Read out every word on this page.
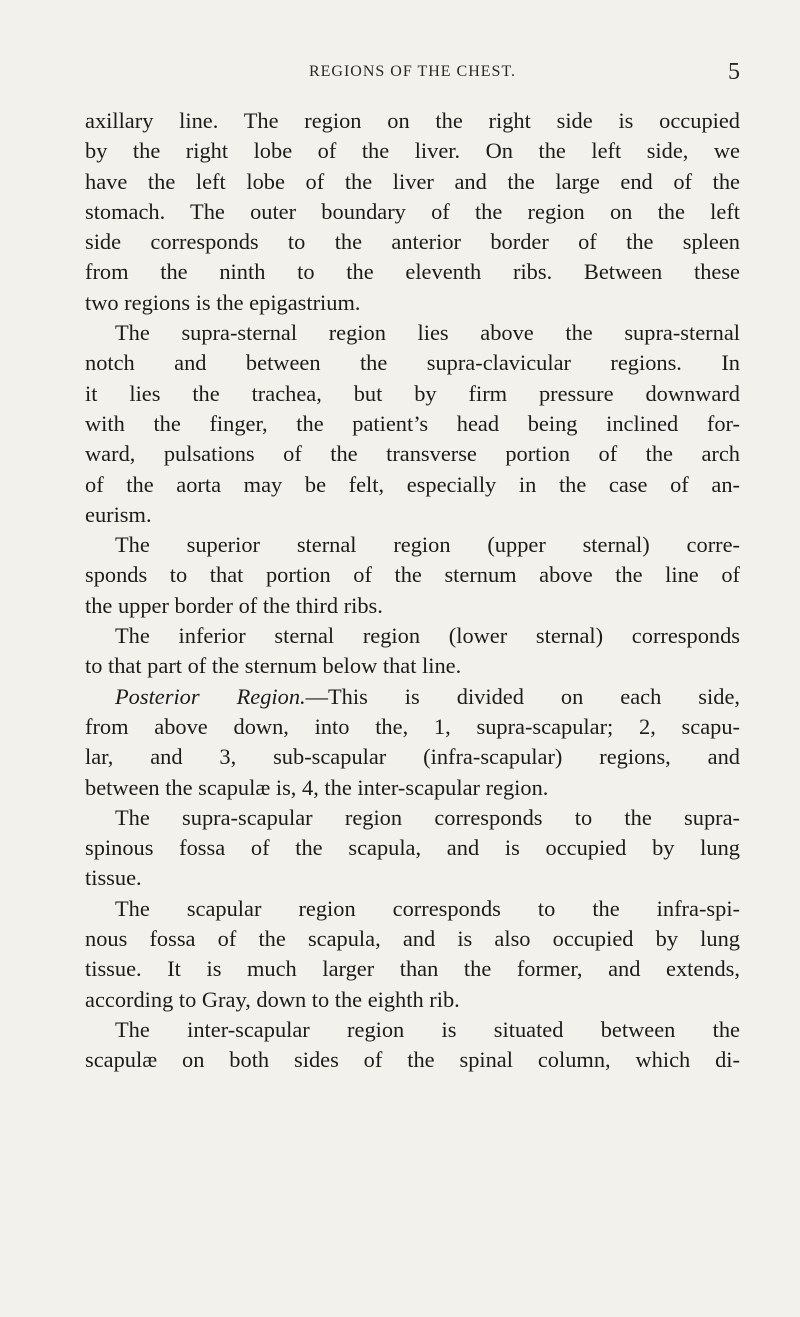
REGIONS OF THE CHEST.	5
axillary line. The region on the right side is occupied
by the right lobe of the liver. On the left side, we
have the left lobe of the liver and the large end of the
stomach. The outer boundary of the region on the left
side corresponds to the anterior border of the spleen
from the ninth to the eleventh ribs. Between these
two regions is the epigastrium.
The supra-sternal region lies above the supra-sternal
notch and between the supra-clavicular regions. In
it lies the trachea, but by firm pressure downward
with the finger, the patient’s head being inclined for-
ward, pulsations of the transverse portion of the arch
of the aorta may be felt, especially in the case of an-
eurism.
The superior sternal region (upper sternal) corre-
sponds to that portion of the sternum above the line of
the upper border of the third ribs.
The inferior sternal region (lower sternal) corresponds
to that part of the sternum below that line.
Posterior Region.—This is divided on each side,
from above down, into the, 1, supra-scapular; 2, scapu-
lar, and 3, sub-scapular (infra-scapular) regions, and
between the scapulæ is, 4, the inter-scapular region.
The supra-scapular region corresponds to the supra-
spinous fossa of the scapula, and is occupied by lung
tissue.
The scapular region corresponds to the infra-spi-
nous fossa of the scapula, and is also occupied by lung
tissue. It is much larger than the former, and extends,
according to Gray, down to the eighth rib.
The inter-scapular region is situated between the
scapulæ on both sides of the spinal column, which di-
